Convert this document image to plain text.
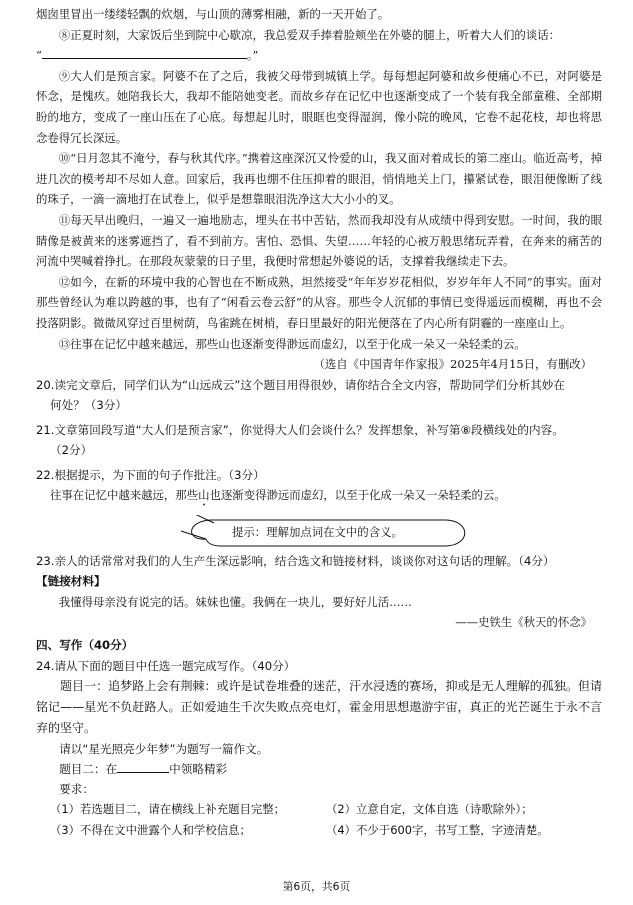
烟囱里冒出一缕缕轻飘的炊烟，与山顶的薄雾相融，新的一天开始了。

⑧正夏时刻，大家饭后坐到院中心歇凉，我总爱双手捧着脸颊坐在外婆的腿上，听着大人们的谈话：

“	。”

⑨大人们是预言家。阿婆不在了之后，我被父母带到城镇上学。每每想起阿婆和故乡便痛心不已，对阿婆是怀念，是愧疚。她陪我长大，我却不能陪她变老。而故乡存在记忆中也逐渐变成了一个装有我全部童稚、全部期盼的地方，变成了一座山压在了心底。每想起儿时，眼眶也变得湿润，像小院的晚风，它卷不起花枝，却也将思念卷得冗长深远。

⑩“日月忽其不淹兮，春与秋其代序。”携着这座深沉又怜爱的山，我又面对着成长的第二座山。临近高考，掉进几次的模考却不尽如人意。回家后，我再也绷不住压抑着的眼泪，悄悄地关上门，攥紧试卷，眼泪便像断了线的珠子，一滴一滴地打在试卷上，似乎是想靠眼泪洗净这大大小小的叉。

⑪每天早出晚归，一遍又一遍地励志，埋头在书中苦钻，然而我却没有从成绩中得到安慰。一时间，我的眼睛像是被黄来的迷雾遮挡了，看不到前方。害怕、恐惧、失望……年轻的心被万般思绪玩弄着，在奔来的痛苦的河流中哭喊着挣扎。在那段灰蒙蒙的日子里，我便时常想起外婆说的话，支撑着我继续走下去。

⑫如今，在新的环境中我的心智也在不断成熟，坦然接受“年年岁岁花相似，岁岁年年人不同”的事实。面对那些曾经认为难以跨越的事，也有了“闲看云卷云舒”的从容。那些令人沉郁的事情已变得遥远而模糊，再也不会投落阴影。微微风穿过百里树荫，鸟雀跳在树梢，春日里最好的阳光便落在了内心所有阴霾的一座座山上。

⑬往事在记忆中越来越远，那些山也逐渐变得渺远而虚幻，以至于化成一朵又一朵轻柔的云。

（选自《中国青年作家报》2025年4月15日，有删改）

20.读完文章后，同学们认为“山远成云”这个题目用得很妙，请你结合全文内容，帮助同学们分析其妙在
何处？（3分）

21.文章第回段写道“大人们是预言家”，你觉得大人们会谈什么？发挥想象，补写第⑧段横线处的内容。
（2分）

22.根据提示，为下面的句子作批注。（3分）

往事在记忆中越来越远，那些山也逐渐变得渺远而虚幻，以至于化成一朵又一朵轻柔的云。

提示：理解加点词在文中的含义。

23.亲人的话常常对我们的人生产生深远影响，结合选文和链接材料，谈谈你对这句话的理解。（4分）

【链接材料】

我懂得母亲没有说完的话。妹妹也懂。我俩在一块儿，要好好儿活……

——史铁生《秋天的怀念》

四、写作（40分）

24.请从下面的题目中任选一题完成写作。（40分）

题目一：追梦路上会有荆棘：或许是试卷堆叠的迷茫，汗水浸透的赛场，抑或是无人理解的孤独。但请铭记——星光不负赶路人。正如爱迪生千次失败点亮电灯，霍金用思想遨游宇宙，真正的光芒诞生于永不言弃的坚守。

请以“星光照亮少年梦”为题写一篇作文。

题目二：在	中领略精彩

要求：

（1）若选题目二，请在横线上补充题目完整；	（2）立意自定，文体自选（诗歌除外）；
（3）不得在文中泄露个人和学校信息；	（4）不少于600字，书写工整，字迹清楚。
第6页，共6页
